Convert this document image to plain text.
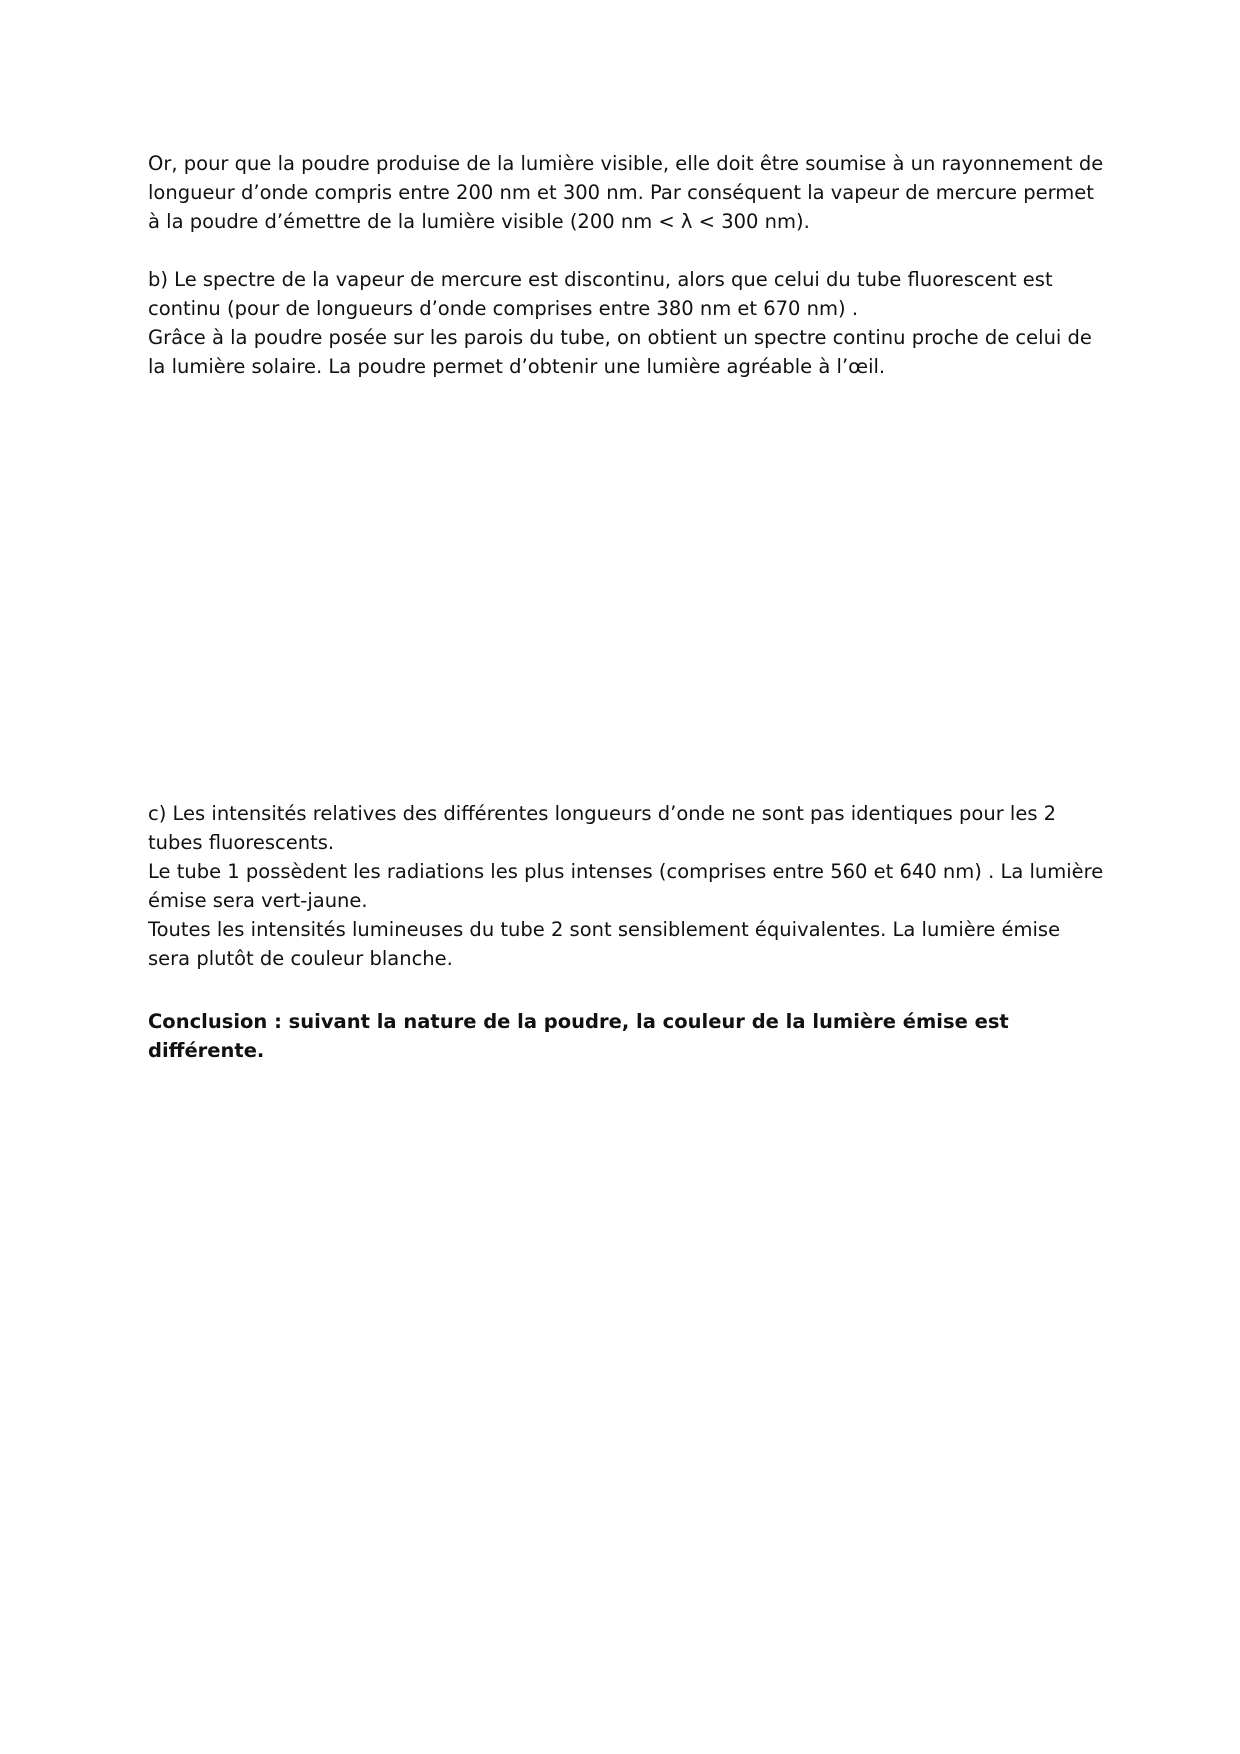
Or, pour que la poudre produise de la lumière visible, elle doit être soumise à un rayonnement de longueur d’onde compris entre 200 nm et 300 nm. Par conséquent la vapeur de mercure permet à la poudre d’émettre de la lumière visible (200 nm < λ < 300 nm).

b) Le spectre de la vapeur de mercure est discontinu, alors que celui du tube fluorescent est continu (pour de longueurs d’onde comprises entre 380 nm et 670 nm) .

Grâce à la poudre posée sur les parois du tube, on obtient un spectre continu proche de celui de la lumière solaire. La poudre permet d’obtenir une lumière agréable à l’œil.

c) Les intensités relatives des différentes longueurs d’onde ne sont pas identiques pour les 2 tubes fluorescents.

Le tube 1 possèdent les radiations les plus intenses (comprises entre 560 et 640 nm) . La lumière émise sera vert-jaune.

Toutes les intensités lumineuses du tube 2 sont sensiblement équivalentes. La lumière émise sera plutôt de couleur blanche.

Conclusion : suivant la nature de la poudre, la couleur de la lumière émise est différente.
